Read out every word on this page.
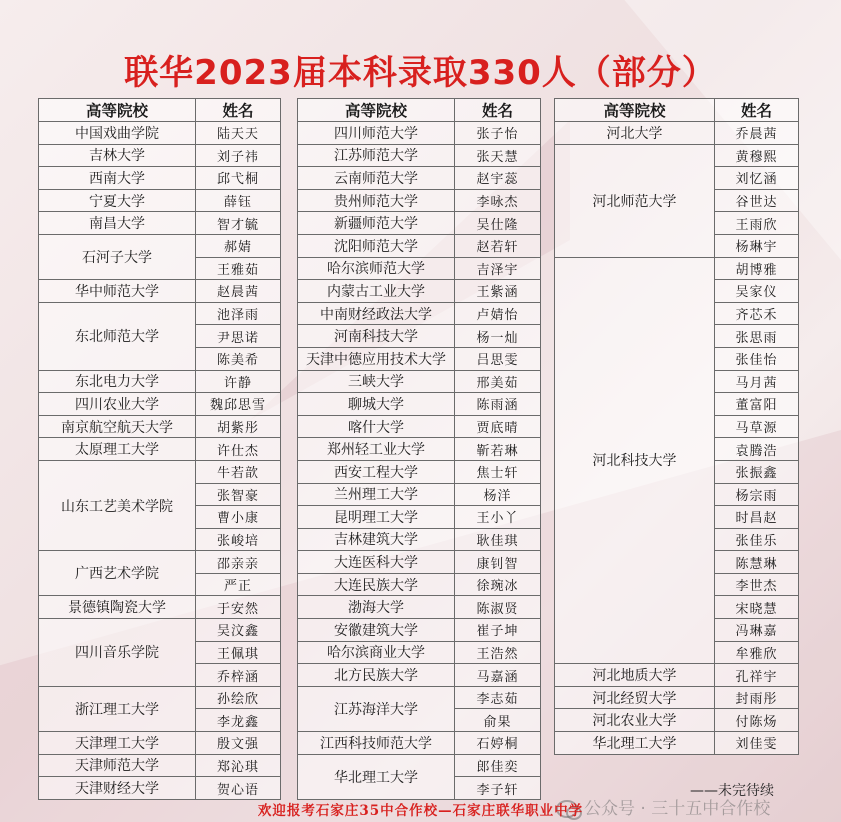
联华2023届本科录取330人（部分）
高等院校	姓名
中国戏曲学院	陆天天
吉林大学	刘子祎
西南大学	邱弋桐
宁夏大学	薛钰
南昌大学	智才毓
石河子大学	郝婧
	王雅茹
华中师范大学	赵晨茜
东北师范大学	池泽雨
	尹思诺
	陈美希
东北电力大学	许静
四川农业大学	魏邱思雪
南京航空航天大学	胡紫彤
太原理工大学	许仕杰
山东工艺美术学院	牛若歆
	张智豪
	曹小康
	张峻培
广西艺术学院	邵亲亲
	严正
景德镇陶瓷大学	于安然
四川音乐学院	吴汶鑫
	王佩琪
	乔梓涵
浙江理工大学	孙绘欣
	李龙鑫
天津理工大学	殷文强
天津师范大学	郑沁琪
天津财经大学	贺心语
高等院校	姓名
四川师范大学	张子怡
江苏师范大学	张天慧
云南师范大学	赵宇蕊
贵州师范大学	李咏杰
新疆师范大学	吴仕隆
沈阳师范大学	赵若轩
哈尔滨师范大学	吉泽宇
内蒙古工业大学	王紫涵
中南财经政法大学	卢婧怡
河南科技大学	杨一灿
天津中德应用技术大学	吕思雯
三峡大学	邢美茹
聊城大学	陈雨涵
喀什大学	贾底晴
郑州轻工业大学	靳若琳
西安工程大学	焦士轩
兰州理工大学	杨洋
昆明理工大学	王小丫
吉林建筑大学	耿佳琪
大连医科大学	康钊智
大连民族大学	徐琬冰
渤海大学	陈淑贤
安徽建筑大学	崔子坤
哈尔滨商业大学	王浩然
北方民族大学	马嘉涵
江苏海洋大学	李志茹
	俞果
江西科技师范大学	石婷桐
华北理工大学	郎佳奕
	李子轩
高等院校	姓名
河北大学	乔晨茜
河北师范大学	黄穆熙
	刘忆涵
	谷世达
	王雨欣
	杨琳宇
河北科技大学	胡博雅
	吴家仪
	齐芯禾
	张思雨
	张佳怡
	马月茜
	董富阳
	马草源
	袁腾浩
	张振鑫
	杨宗雨
	时昌赵
	张佳乐
	陈慧琳
	李世杰
	宋晓慧
	冯琳嘉
	牟雅欣
河北地质大学	孔祥宇
河北经贸大学	封雨彤
河北农业大学	付陈炀
华北理工大学	刘佳雯
——未完待续
公众号 · 三十五中合作校
欢迎报考石家庄35中合作校—石家庄联华职业中学
